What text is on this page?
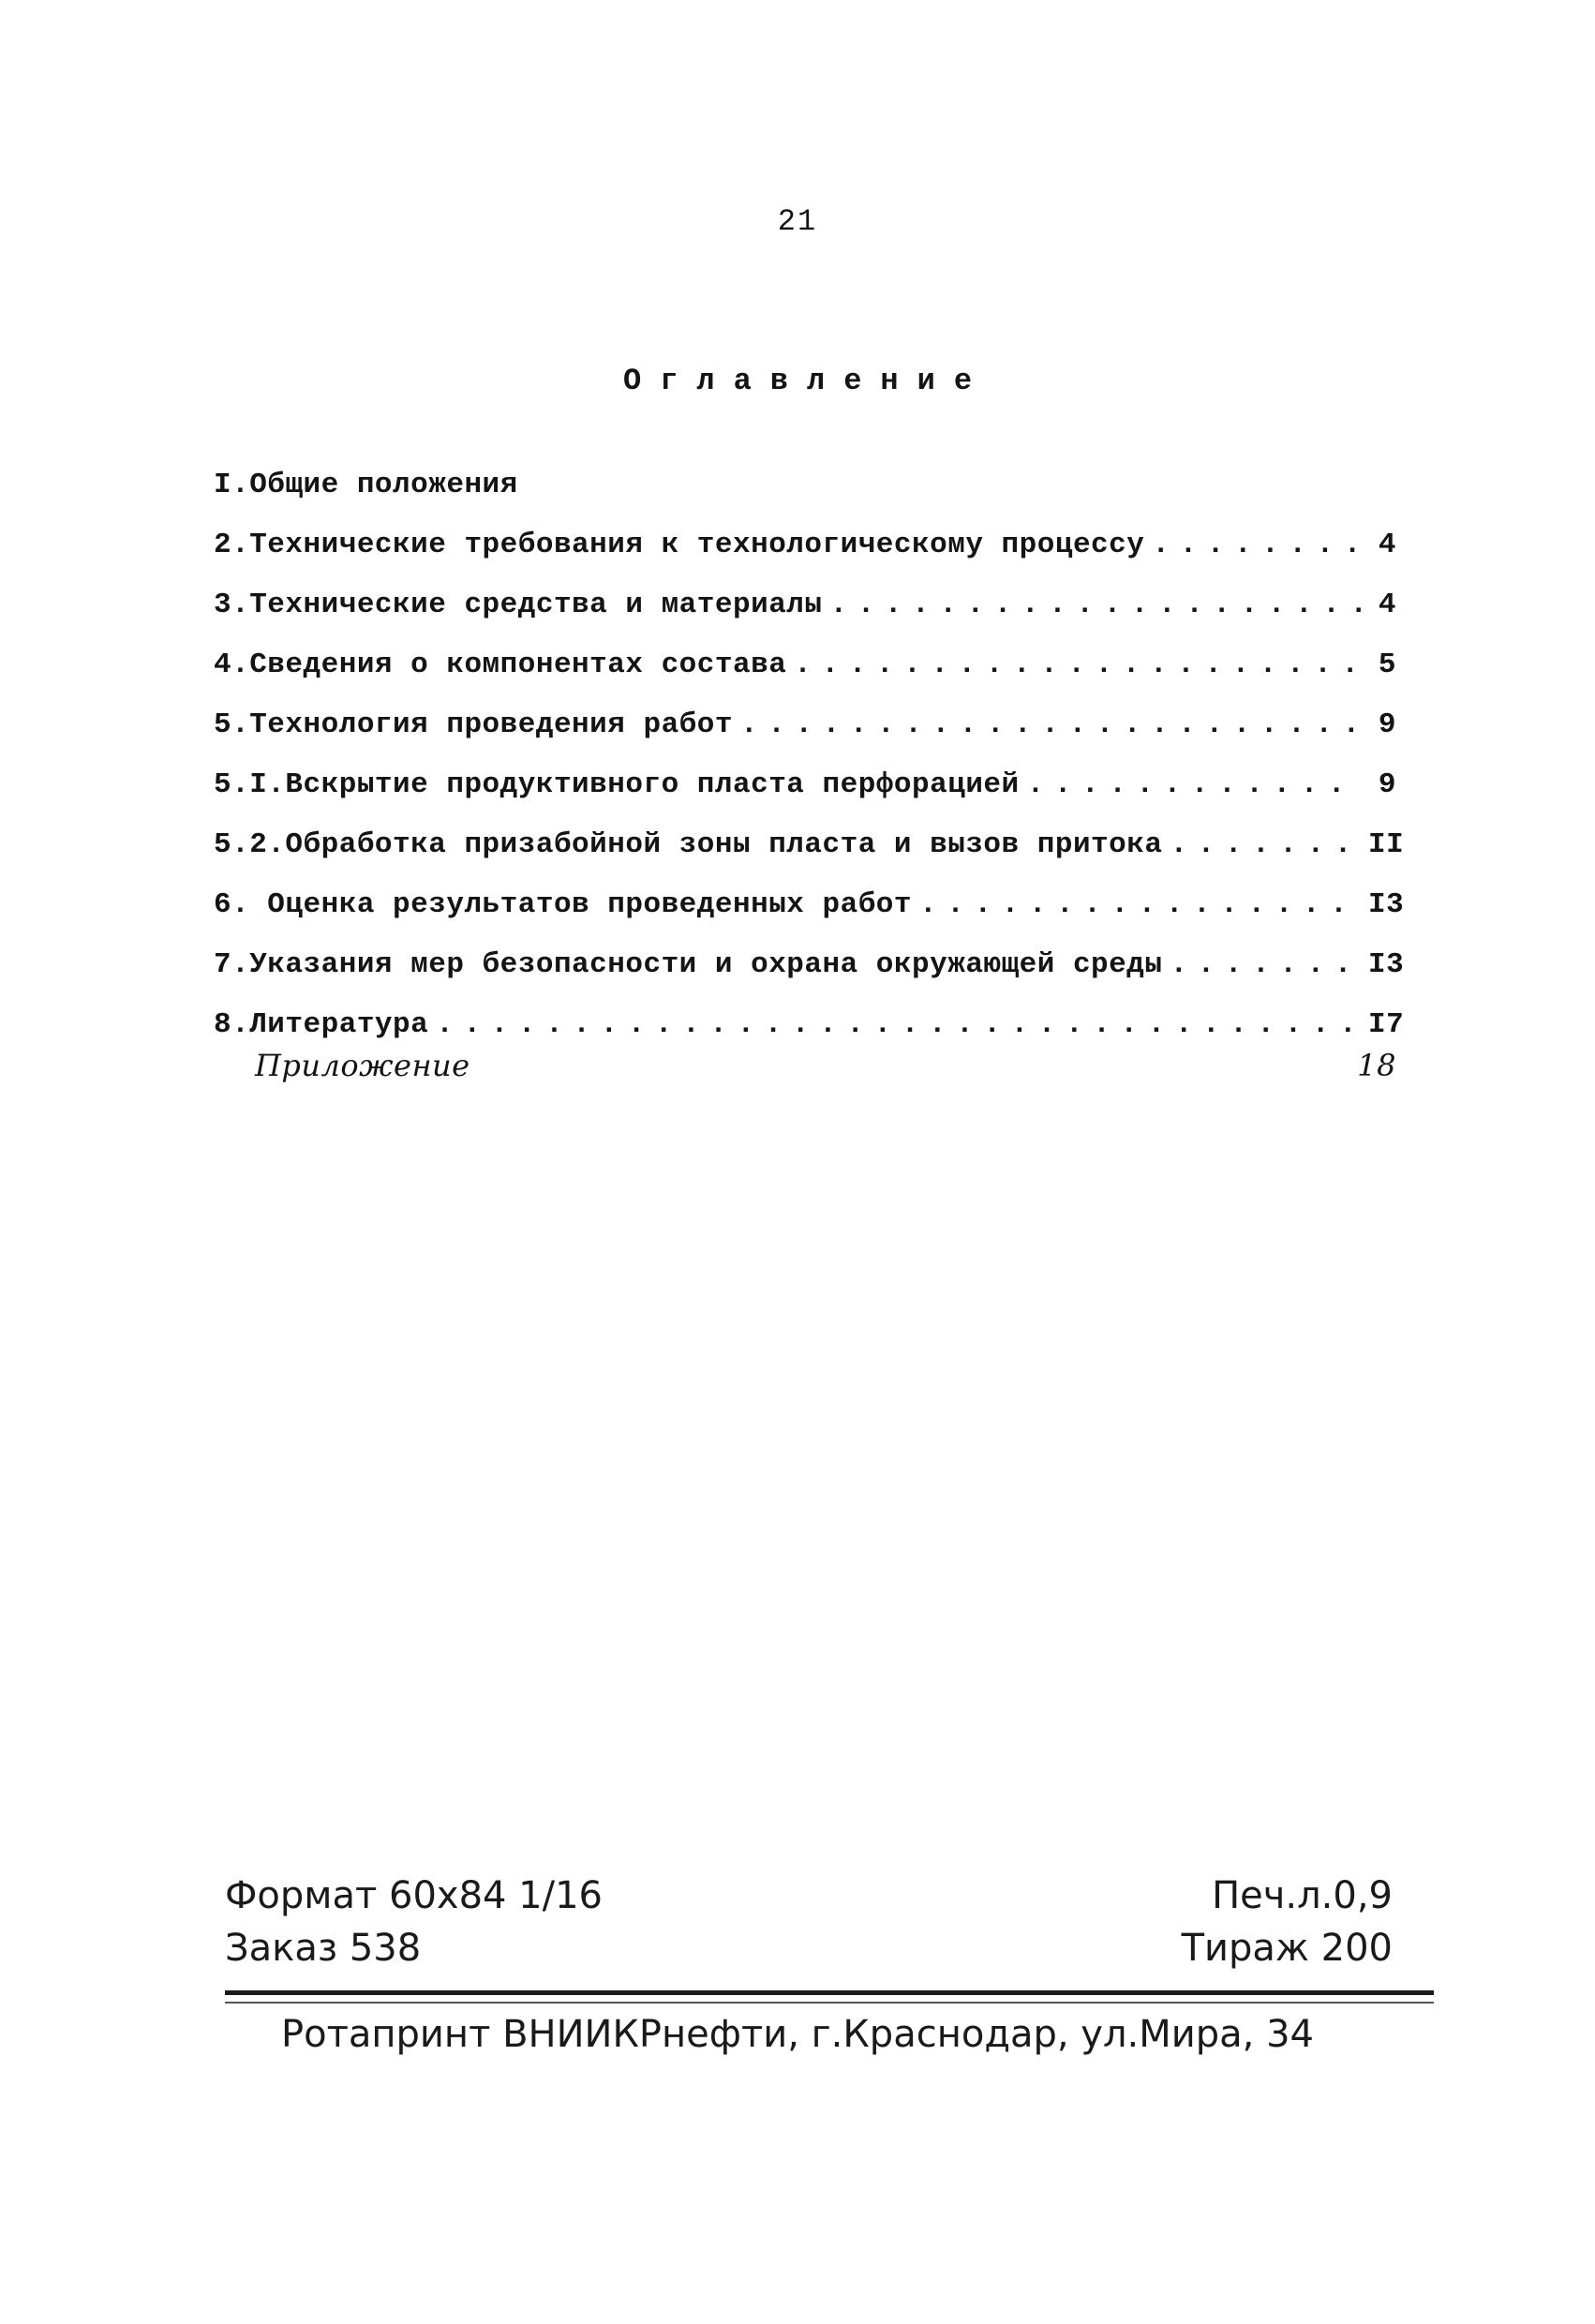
21
Оглавление
I.Общие положения
2.Технические требования к технологическому процессу . . .	4
3.Технические средства и материалы . . .	4
4.Сведения о компонентах состава . . .	5
5.Технология проведения работ . . .	9
5.I.Вскрытие продуктивного пласта перфорацией . . .	9
5.2.Обработка призабойной зоны пласта и вызов притока . . .	II
6. Оценка результатов проведенных работ . . .	I3
7.Указания мер безопасности и охрана окружающей среды . . .	I3
8.Литература . . .	I7
Приложение	18
Формат 60х84 1/16	Печ.л.0,9
Заказ 538	Тираж 200
Ротапринт ВНИИКРнефти, г.Краснодар, ул.Мира, 34
